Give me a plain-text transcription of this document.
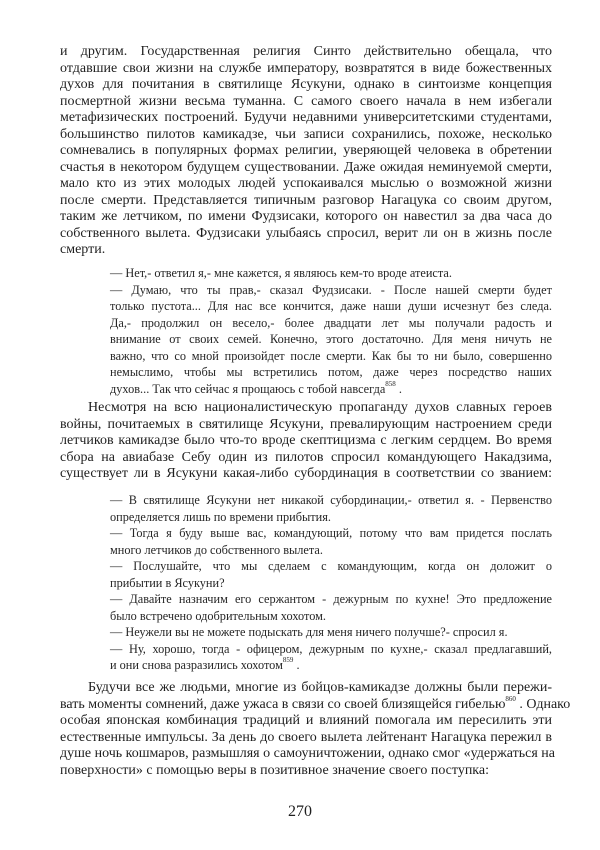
и другим. Государственная религия Синто действительно обещала, что
отдавшие свои жизни на службе императору, возвратятся в виде божественных
духов для почитания в святилище Ясукуни, однако в синтоизме концепция
посмертной жизни весьма туманна. С самого своего начала в нем избегали
метафизических построений. Будучи недавними университетскими студентами,
большинство пилотов камикадзе, чьи записи сохранились, похоже, несколько
сомневались в популярных формах религии, уверяющей человека в обретении
счастья в некотором будущем существовании. Даже ожидая неминуемой смерти,
мало кто из этих молодых людей успокаивался мыслью о возможной жизни
после смерти. Представляется типичным разговор Нагацука со своим другом,
таким же летчиком, по имени Фудзисаки, которого он навестил за два часа до
собственного вылета. Фудзисаки улыбаясь спросил, верит ли он в жизнь после
смерти.
— Нет,- ответил я,- мне кажется, я являюсь кем-то вроде атеиста.
— Думаю, что ты прав,- сказал Фудзисаки. - После нашей смерти будет
только пустота... Для нас все кончится, даже наши души исчезнут без следа.
Да,- продолжил он весело,- более двадцати лет мы получали радость и
внимание от своих семей. Конечно, этого достаточно. Для меня ничуть не
важно, что со мной произойдет после смерти. Как бы то ни было, совершенно
немыслимо, чтобы мы встретились потом, даже через посредство наших
духов... Так что сейчас я прощаюсь с тобой навсегда$^{858}$ .
Несмотря на всю националистическую пропаганду духов славных героев
войны, почитаемых в святилище Ясукуни, превалирующим настроением среди
летчиков камикадзе было что-то вроде скептицизма с легким сердцем. Во время
сбора на авиабазе Себу один из пилотов спросил командующего Накадзима,
существует ли в Ясукуни какая-либо субординация в соответствии со званием:
— В святилище Ясукуни нет никакой субординации,- ответил я. - Первенство
определяется лишь по времени прибытия.
— Тогда я буду выше вас, командующий, потому что вам придется послать
много летчиков до собственного вылета.
— Послушайте, что мы сделаем с командующим, когда он доложит о
прибытии в Ясукуни?
— Давайте назначим его сержантом - дежурным по кухне! Это предложение
было встречено одобрительным хохотом.
— Неужели вы не можете подыскать для меня ничего получше?- спросил я.
— Ну, хорошо, тогда - офицером, дежурным по кухне,- сказал предлагавший,
и они снова разразились хохотом$^{859}$ .
Будучи все же людьми, многие из бойцов-камикадзе должны были пережи-
вать моменты сомнений, даже ужаса в связи со своей близящейся гибелью$^{860}$ . Однако
особая японская комбинация традиций и влияний помогала им пересилить эти
естественные импульсы. За день до своего вылета лейтенант Нагацука пережил в
душе ночь кошмаров, размышляя о самоуничтожении, однако смог «удержаться на
поверхности» с помощью веры в позитивное значение своего поступка:
270
